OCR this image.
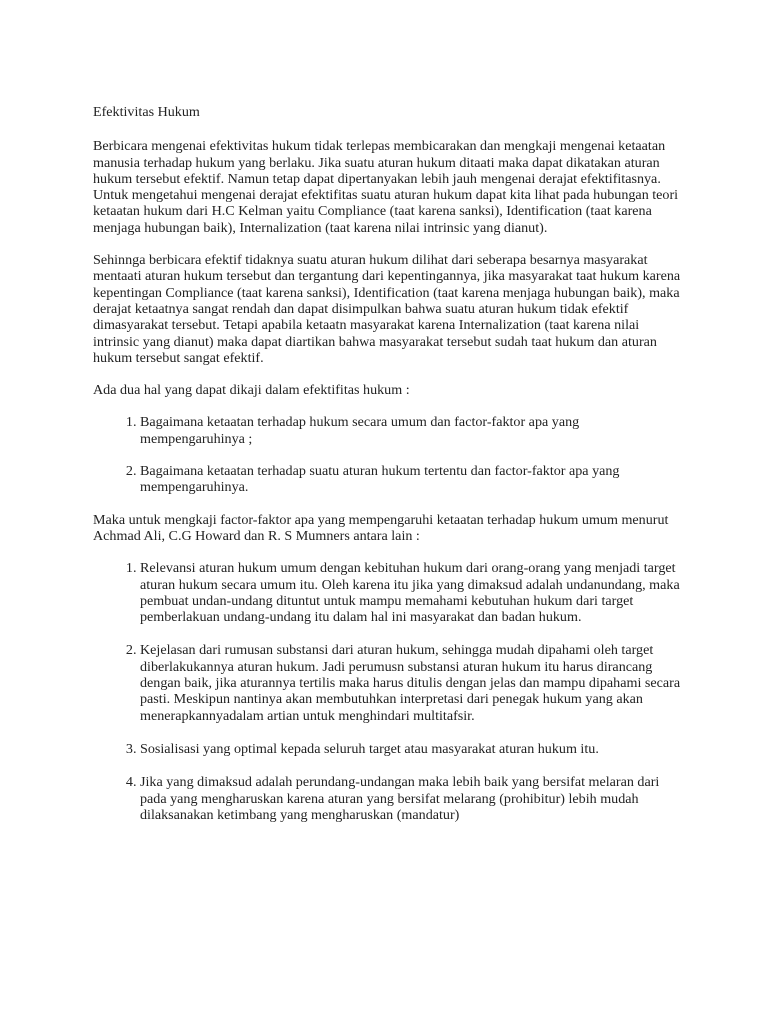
Efektivitas Hukum

Berbicara mengenai efektivitas hukum tidak terlepas membicarakan dan mengkaji mengenai ketaatan manusia terhadap hukum yang berlaku. Jika suatu aturan hukum ditaati maka dapat dikatakan aturan hukum tersebut efektif. Namun tetap dapat dipertanyakan lebih jauh mengenai derajat efektifitasnya. Untuk mengetahui mengenai derajat efektifitas suatu aturan hukum dapat kita lihat pada hubungan teori ketaatan hukum dari H.C Kelman yaitu Compliance (taat karena sanksi), Identification (taat karena menjaga hubungan baik), Internalization (taat karena nilai intrinsic yang dianut).

Sehinnga berbicara efektif tidaknya suatu aturan hukum dilihat dari seberapa besarnya masyarakat mentaati aturan hukum tersebut dan tergantung dari kepentingannya, jika masyarakat taat hukum karena kepentingan Compliance (taat karena sanksi), Identification (taat karena menjaga hubungan baik), maka derajat ketaatnya sangat rendah dan dapat disimpulkan bahwa suatu aturan hukum tidak efektif dimasyarakat tersebut. Tetapi apabila ketaatn masyarakat karena Internalization (taat karena nilai intrinsic yang dianut) maka dapat diartikan bahwa masyarakat tersebut sudah taat hukum dan aturan hukum tersebut sangat efektif.

Ada dua hal yang dapat dikaji dalam efektifitas hukum :

1. Bagaimana ketaatan terhadap hukum secara umum dan factor-faktor apa yang mempengaruhinya ;
2. Bagaimana ketaatan terhadap suatu aturan hukum tertentu dan factor-faktor apa yang mempengaruhinya.

Maka untuk mengkaji factor-faktor apa yang mempengaruhi ketaatan terhadap hukum umum menurut Achmad Ali, C.G Howard dan R. S Mumners antara lain :

1. Relevansi aturan hukum umum dengan kebituhan hukum dari orang-orang yang menjadi target aturan hukum secara umum itu. Oleh karena itu jika yang dimaksud adalah undanundang, maka pembuat undan-undang dituntut untuk mampu memahami kebutuhan hukum dari target pemberlakuan undang-undang itu dalam hal ini masyarakat dan badan hukum.
2. Kejelasan dari rumusan substansi dari aturan hukum, sehingga mudah dipahami oleh target diberlakukannya aturan hukum. Jadi perumusn substansi aturan hukum itu harus dirancang dengan baik, jika aturannya tertilis maka harus ditulis dengan jelas dan mampu dipahami secara pasti. Meskipun nantinya akan membutuhkan interpretasi dari penegak hukum yang akan menerapkannyadalam artian untuk menghindari multitafsir.
3. Sosialisasi yang optimal kepada seluruh target atau masyarakat aturan hukum itu.
4. Jika yang dimaksud adalah perundang-undangan maka lebih baik yang bersifat melaran dari pada yang mengharuskan karena aturan yang bersifat melarang (prohibitur) lebih mudah dilaksanakan ketimbang yang mengharuskan (mandatur)
